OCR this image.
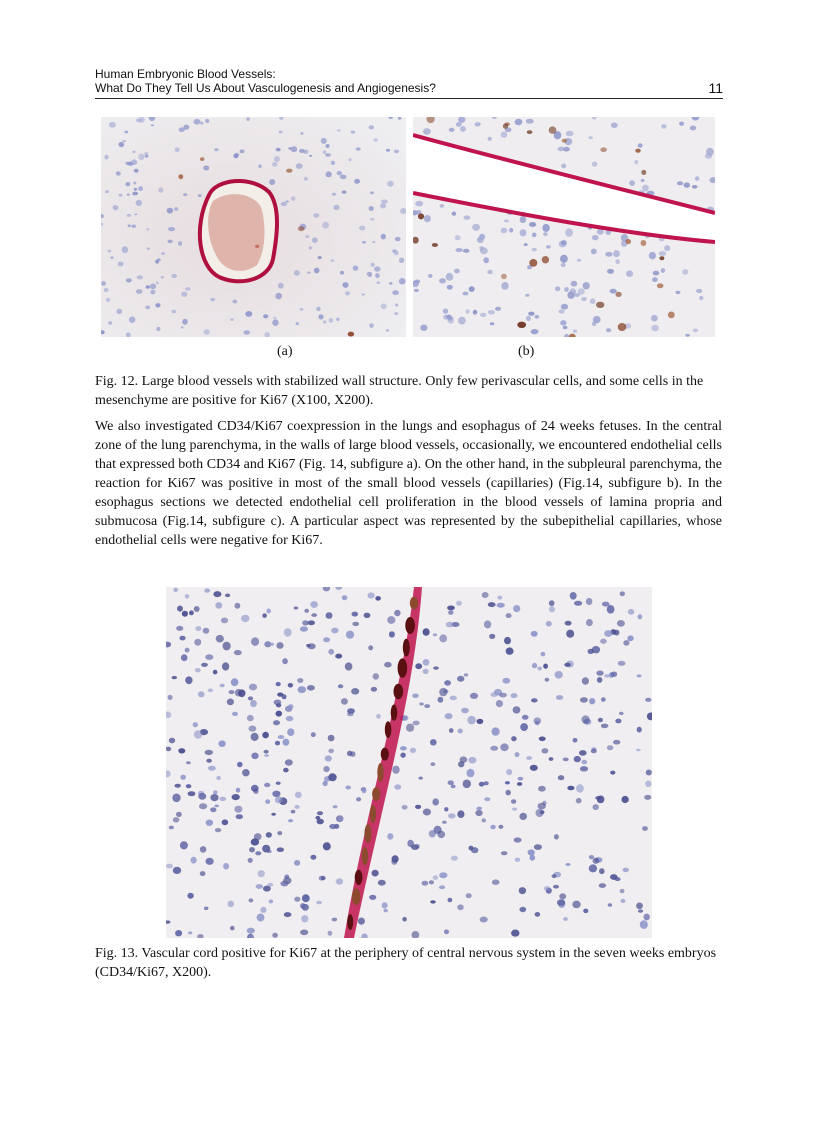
Human Embryonic Blood Vessels:
What Do They Tell Us About Vasculogenesis and Angiogenesis?	11
(a)	(b)
Fig. 12. Large blood vessels with stabilized wall structure. Only few perivascular cells, and some cells in the mesenchyme are positive for Ki67 (X100, X200).
We also investigated CD34/Ki67 coexpression in the lungs and esophagus of 24 weeks fetuses. In the central zone of the lung parenchyma, in the walls of large blood vessels, occasionally, we encountered endothelial cells that expressed both CD34 and Ki67 (Fig. 14, subfigure a). On the other hand, in the subpleural parenchyma, the reaction for Ki67 was positive in most of the small blood vessels (capillaries) (Fig.14, subfigure b). In the esophagus sections we detected endothelial cell proliferation in the blood vessels of lamina propria and submucosa (Fig.14, subfigure c). A particular aspect was represented by the subepithelial capillaries, whose endothelial cells were negative for Ki67.
Fig. 13. Vascular cord positive for Ki67 at the periphery of central nervous system in the seven weeks embryos (CD34/Ki67, X200).
